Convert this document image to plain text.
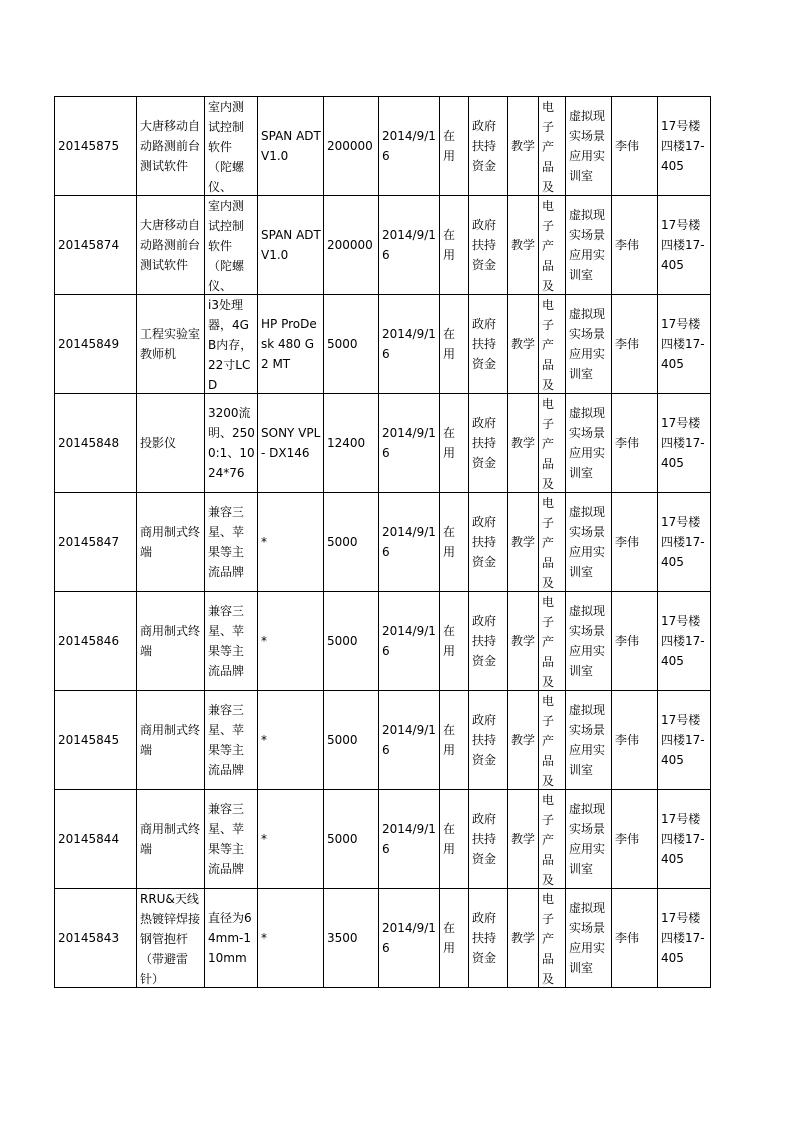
20145875	大唐移动自动路测前台测试软件	室内测试控制软件（陀螺仪、	SPAN ADT V1.0	200000	2014/9/16	在用	政府扶持资金	教学	电子产品及	虚拟现实场景应用实训室	李伟	17号楼四楼17-405

20145874	大唐移动自动路测前台测试软件	室内测试控制软件（陀螺仪、	SPAN ADT V1.0	200000	2014/9/16	在用	政府扶持资金	教学	电子产品及	虚拟现实场景应用实训室	李伟	17号楼四楼17-405

20145849	工程实验室教师机	i3处理器，4GB内存，22寸LCD	HP ProDesk 480 G2 MT	5000	2014/9/16	在用	政府扶持资金	教学	电子产品及	虚拟现实场景应用实训室	李伟	17号楼四楼17-405

20145848	投影仪	3200流明、2500:1、1024*76	SONY VPL - DX146	12400	2014/9/16	在用	政府扶持资金	教学	电子产品及	虚拟现实场景应用实训室	李伟	17号楼四楼17-405

20145847	商用制式终端	兼容三星、苹果等主流品牌	*	5000	2014/9/16	在用	政府扶持资金	教学	电子产品及	虚拟现实场景应用实训室	李伟	17号楼四楼17-405

20145846	商用制式终端	兼容三星、苹果等主流品牌	*	5000	2014/9/16	在用	政府扶持资金	教学	电子产品及	虚拟现实场景应用实训室	李伟	17号楼四楼17-405

20145845	商用制式终端	兼容三星、苹果等主流品牌	*	5000	2014/9/16	在用	政府扶持资金	教学	电子产品及	虚拟现实场景应用实训室	李伟	17号楼四楼17-405

20145844	商用制式终端	兼容三星、苹果等主流品牌	*	5000	2014/9/16	在用	政府扶持资金	教学	电子产品及	虚拟现实场景应用实训室	李伟	17号楼四楼17-405

20145843	RRU&天线热镀锌焊接钢管抱杆（带避雷针）	直径为64mm-110mm	*	3500	2014/9/16	在用	政府扶持资金	教学	电子产品及	虚拟现实场景应用实训室	李伟	17号楼四楼17-405
